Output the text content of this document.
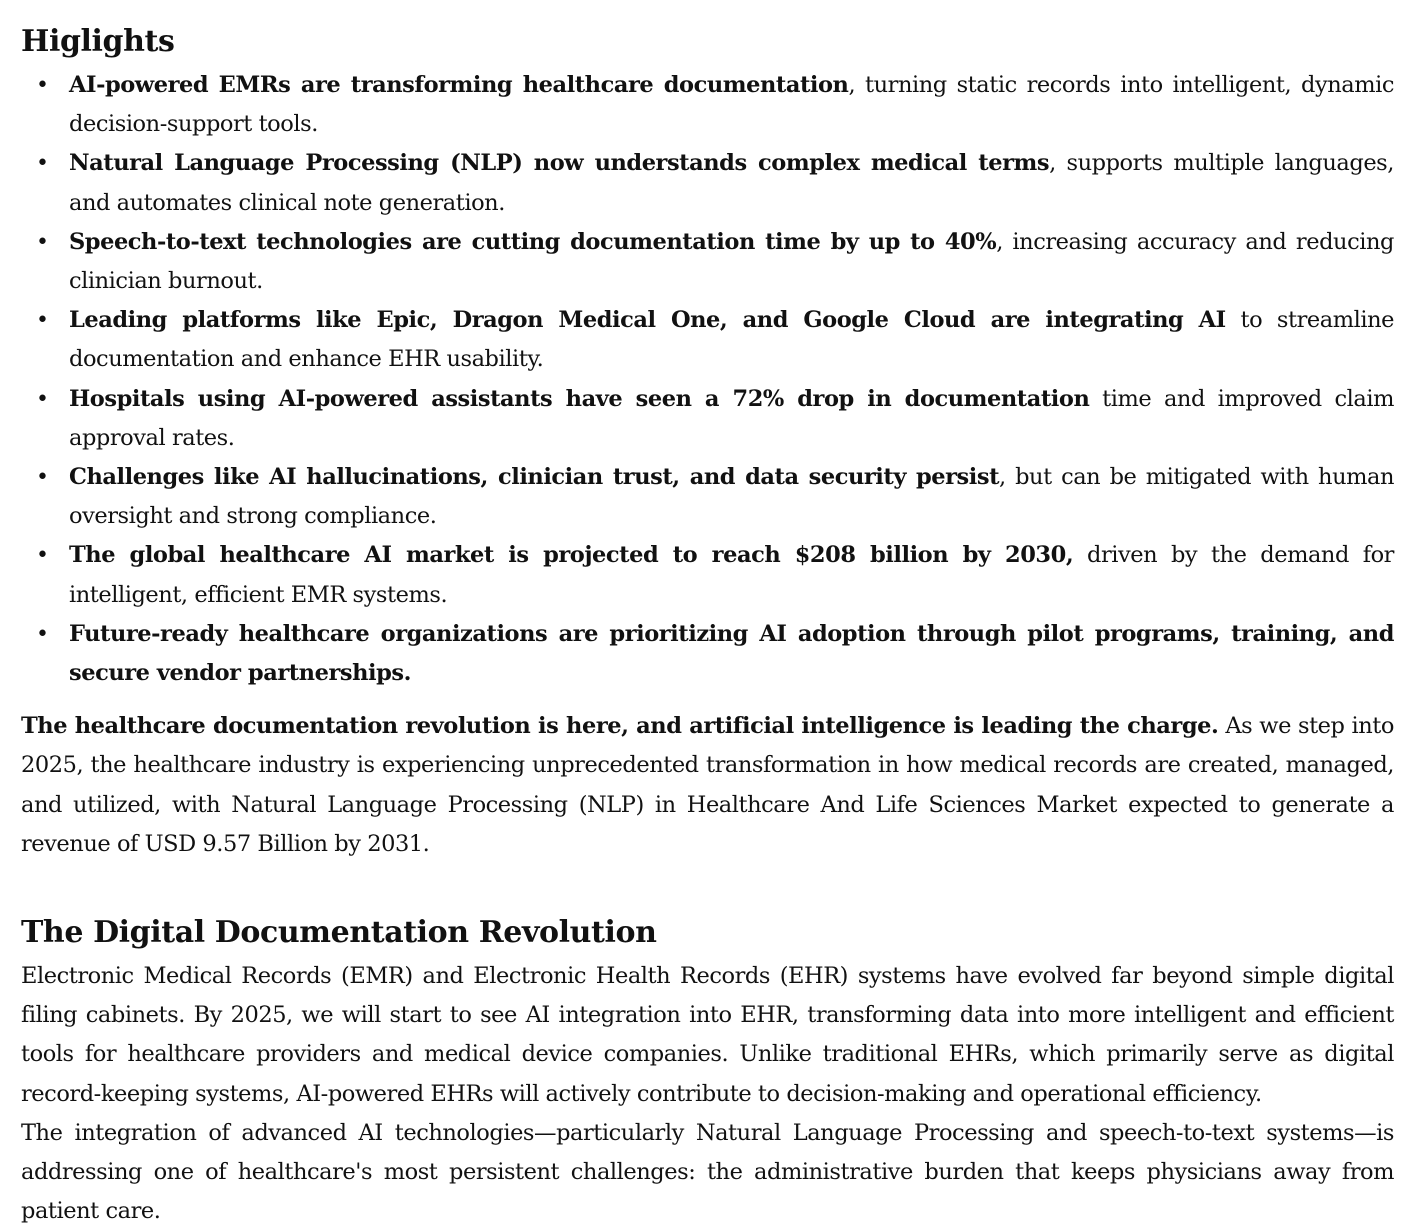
Higlights
• AI-powered EMRs are transforming healthcare documentation, turning static records into intelligent, dynamic decision-support tools.
• Natural Language Processing (NLP) now understands complex medical terms, supports multiple languages, and automates clinical note generation.
• Speech-to-text technologies are cutting documentation time by up to 40%, increasing accuracy and reducing clinician burnout.
• Leading platforms like Epic, Dragon Medical One, and Google Cloud are integrating AI to streamline documentation and enhance EHR usability.
• Hospitals using AI-powered assistants have seen a 72% drop in documentation time and improved claim approval rates.
• Challenges like AI hallucinations, clinician trust, and data security persist, but can be mitigated with human oversight and strong compliance.
• The global healthcare AI market is projected to reach $208 billion by 2030, driven by the demand for intelligent, efficient EMR systems.
• Future-ready healthcare organizations are prioritizing AI adoption through pilot programs, training, and secure vendor partnerships.

The healthcare documentation revolution is here, and artificial intelligence is leading the charge. As we step into 2025, the healthcare industry is experiencing unprecedented transformation in how medical records are created, managed, and utilized, with Natural Language Processing (NLP) in Healthcare And Life Sciences Market expected to generate a revenue of USD 9.57 Billion by 2031.

The Digital Documentation Revolution

Electronic Medical Records (EMR) and Electronic Health Records (EHR) systems have evolved far beyond simple digital filing cabinets. By 2025, we will start to see AI integration into EHR, transforming data into more intelligent and efficient tools for healthcare providers and medical device companies. Unlike traditional EHRs, which primarily serve as digital record-keeping systems, AI-powered EHRs will actively contribute to decision-making and operational efficiency.

The integration of advanced AI technologies—particularly Natural Language Processing and speech-to-text systems—is addressing one of healthcare's most persistent challenges: the administrative burden that keeps physicians away from patient care.
